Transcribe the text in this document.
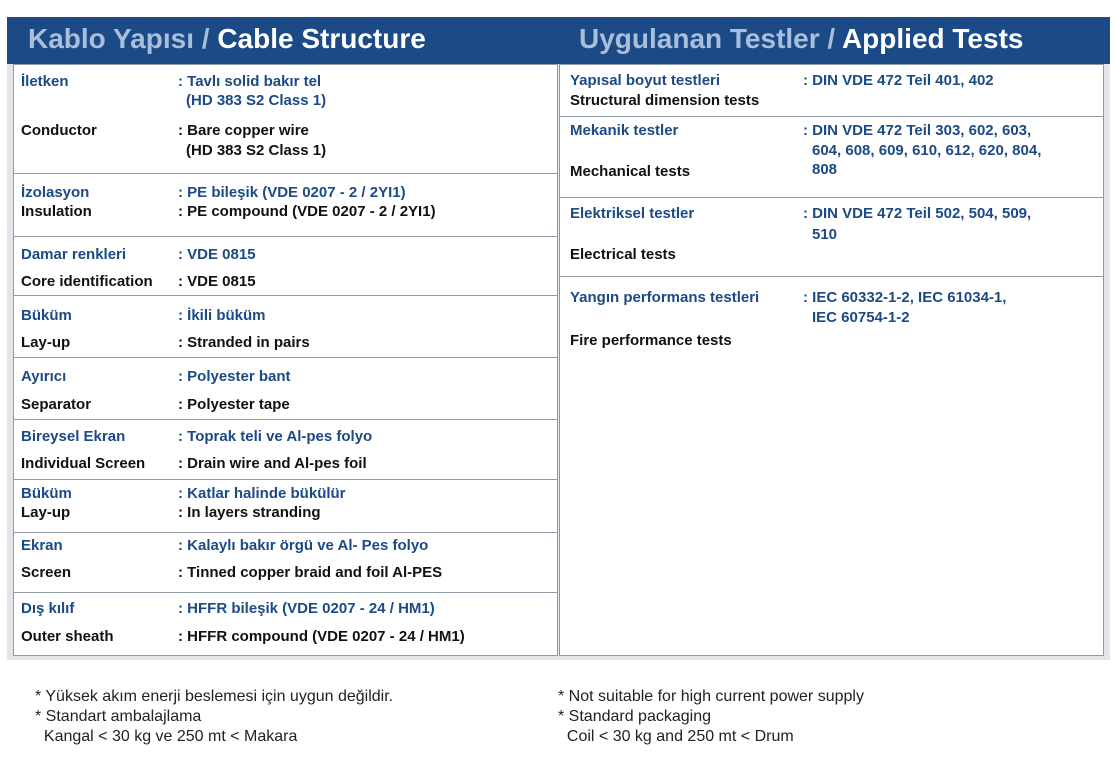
Kablo Yapısı / Cable Structure	Uygulanan Testler / Applied Tests
İletken	: Tavlı solid bakır tel
(HD 383 S2 Class 1)
Conductor	: Bare copper wire
(HD 383 S2 Class 1)
İzolasyon	: PE bileşik (VDE 0207 - 2 / 2YI1)
Insulation	: PE compound (VDE 0207 - 2 / 2YI1)
Damar renkleri	: VDE 0815
Core identification : VDE 0815
Büküm	: İkili büküm
Lay-up	: Stranded in pairs
Ayırıcı	: Polyester bant
Separator	: Polyester tape
Bireysel Ekran	: Toprak teli ve Al-pes folyo
Individual Screen : Drain wire and Al-pes foil
Büküm	: Katlar halinde bükülür
Lay-up	: In layers stranding
Ekran	: Kalaylı bakır örgü ve Al- Pes folyo
Screen	: Tinned copper braid and foil Al-PES
Dış kılıf	: HFFR bileşik (VDE 0207 - 24 / HM1)
Outer sheath	: HFFR compound (VDE 0207 - 24 / HM1)
Yapısal boyut testleri	: DIN VDE 472 Teil 401, 402
Structural dimension tests
Mekanik testler	: DIN VDE 472 Teil 303, 602, 603,
604, 608, 609, 610, 612, 620, 804,
808
Mechanical tests
Elektriksel testler	: DIN VDE 472 Teil 502, 504, 509,
510
Electrical tests
Yangın performans testleri	: IEC 60332-1-2, IEC 61034-1,
IEC 60754-1-2
Fire performance tests
* Yüksek akım enerji beslemesi için uygun değildir.
* Standart ambalajlama
Kangal < 30 kg ve 250 mt < Makara
* Not suitable for high current power supply
* Standard packaging
Coil < 30 kg and 250 mt < Drum
